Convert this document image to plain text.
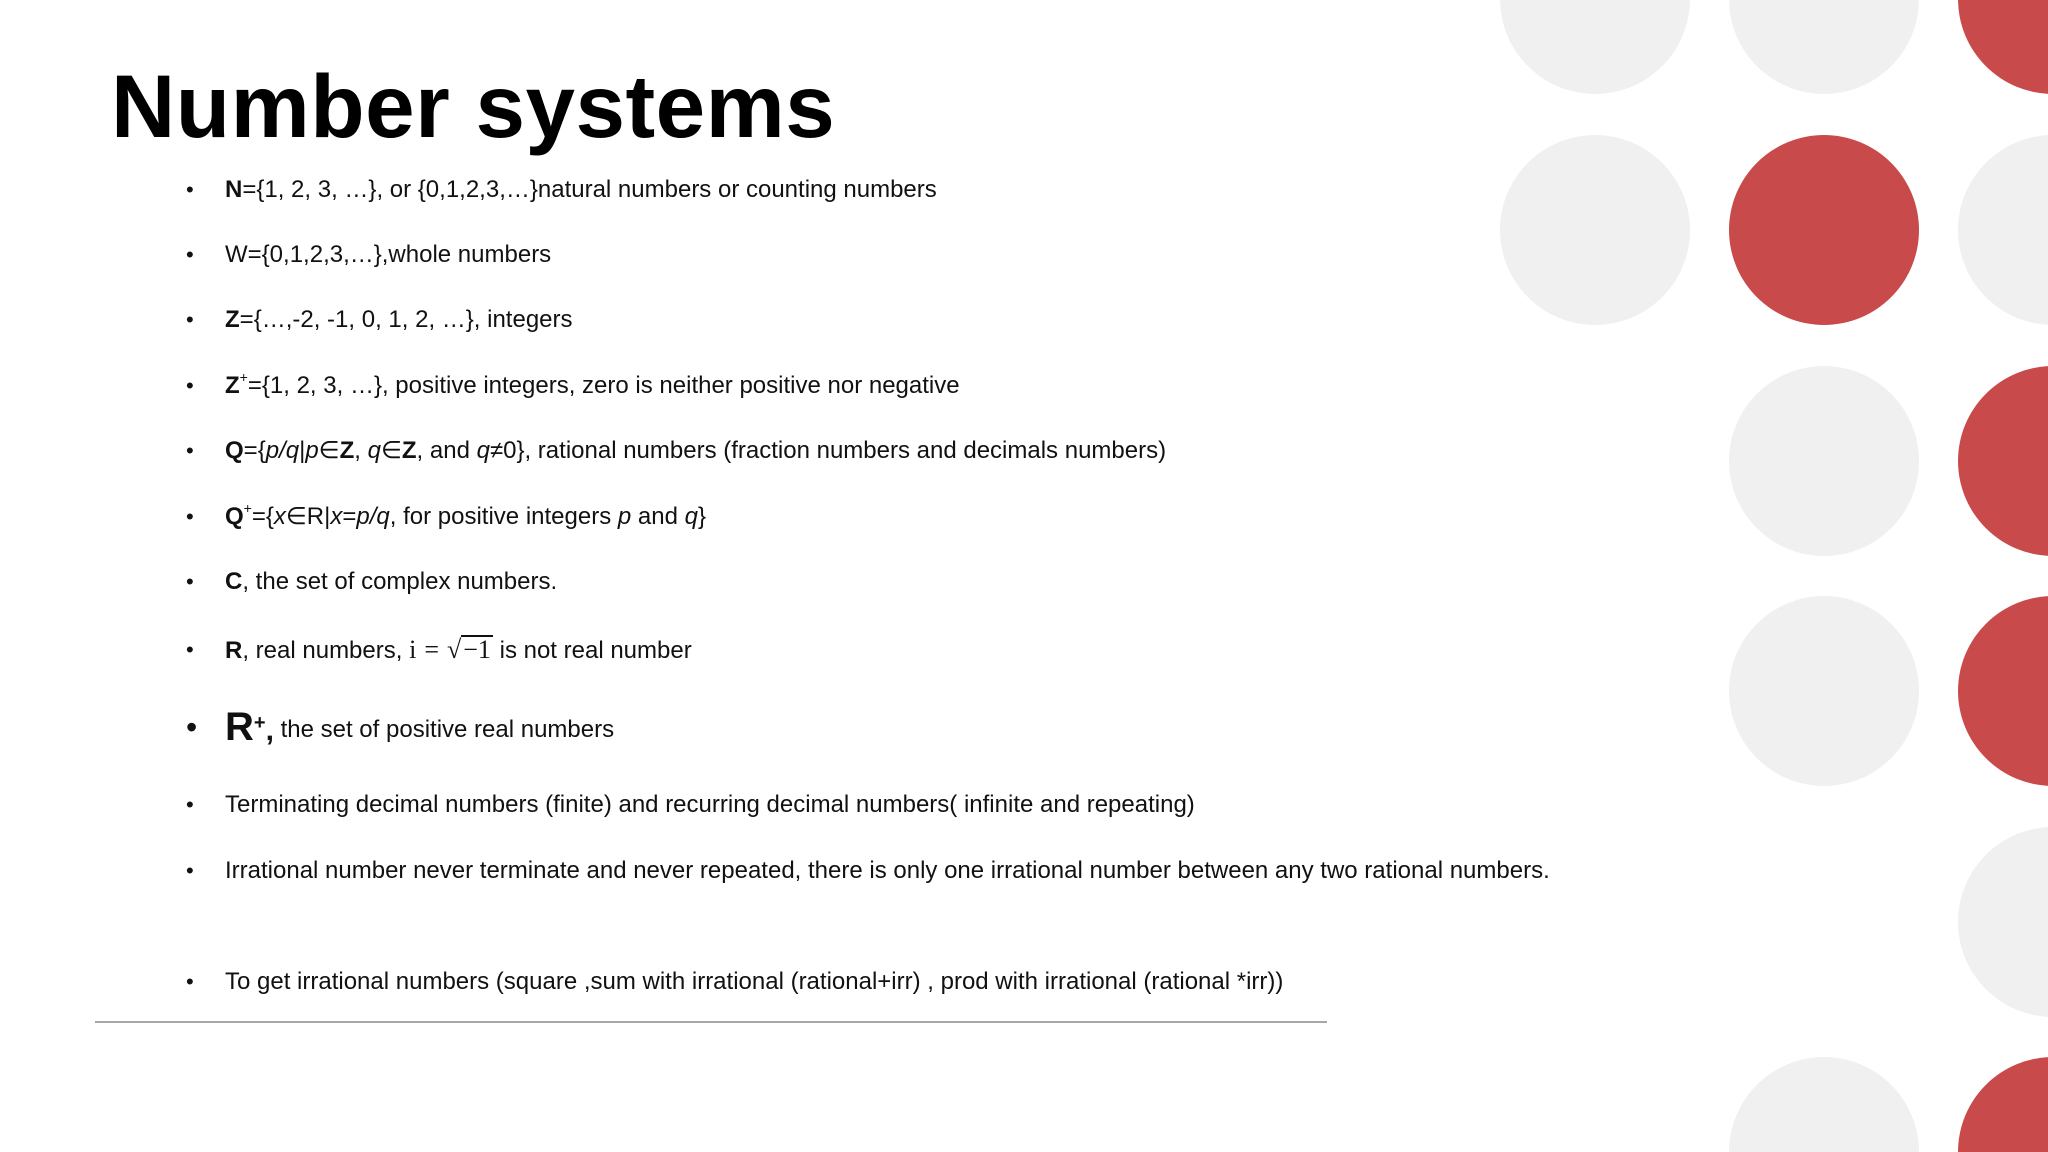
Number systems
•	N={1, 2, 3, …}, or {0,1,2,3,…}natural numbers or counting numbers
•	W={0,1,2,3,…},whole numbers
•	Z={…,-2, -1, 0, 1, 2, …}, integers
•	Z+={1, 2, 3, …}, positive integers, zero is neither positive nor negative
•	Q={p/q|p∈Z, q∈Z, and q≠0}, rational numbers (fraction numbers and decimals numbers)
•	Q+={x∈R|x=p/q, for positive integers p and q}
•	C, the set of complex numbers.
•	R, real numbers, i = √−1 is not real number
• R+, the set of positive real numbers
•	Terminating decimal numbers (finite) and recurring decimal numbers( infinite and repeating)
•	Irrational number never terminate and never repeated, there is only one irrational number between any two rational numbers.
•	To get irrational numbers (square ,sum with irrational (rational+irr) , prod with irrational (rational *irr))
